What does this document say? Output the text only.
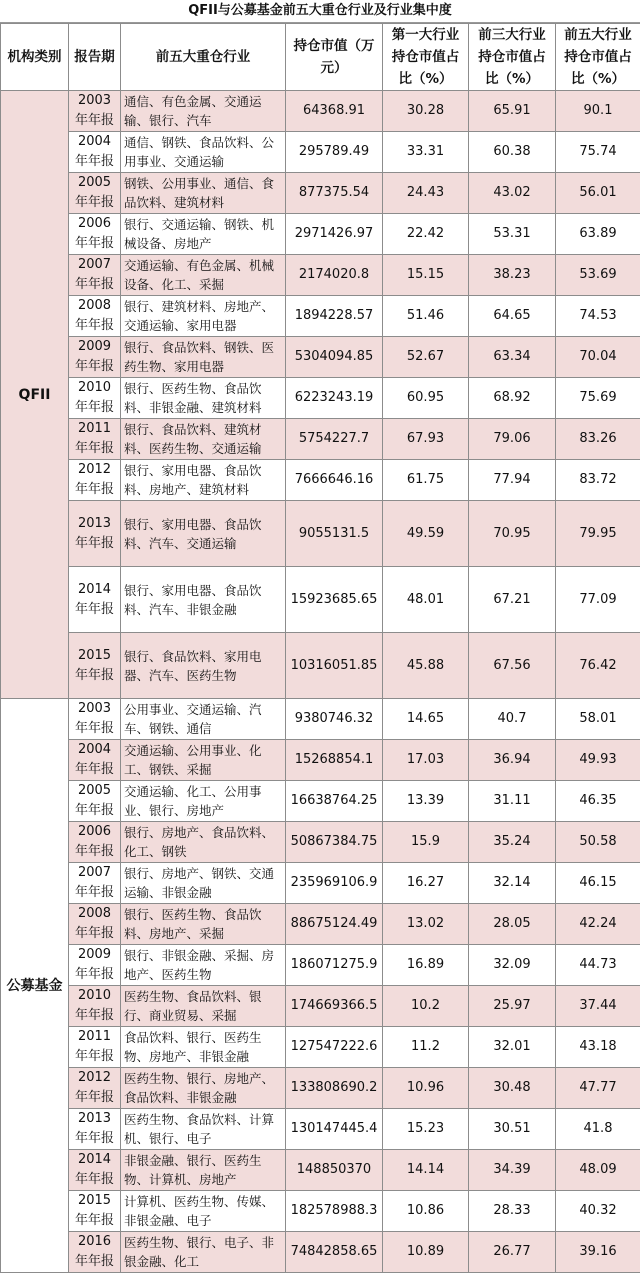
QFII与公募基金前五大重仓行业及行业集中度
机构类别	报告期	前五大重仓行业	持仓市值（万元）	第一大行业持仓市值占比（%）	前三大行业持仓市值占比（%）	前五大行业持仓市值占比（%）
QFII	2003年年报	通信、有色金属、交通运输、银行、汽车	64368.91	30.28	65.91	90.1
	2004年年报	通信、钢铁、食品饮料、公用事业、交通运输	295789.49	33.31	60.38	75.74
	2005年年报	钢铁、公用事业、通信、食品饮料、建筑材料	877375.54	24.43	43.02	56.01
	2006年年报	银行、交通运输、钢铁、机械设备、房地产	2971426.97	22.42	53.31	63.89
	2007年年报	交通运输、有色金属、机械设备、化工、采掘	2174020.8	15.15	38.23	53.69
	2008年年报	银行、建筑材料、房地产、交通运输、家用电器	1894228.57	51.46	64.65	74.53
	2009年年报	银行、食品饮料、钢铁、医药生物、家用电器	5304094.85	52.67	63.34	70.04
	2010年年报	银行、医药生物、食品饮料、非银金融、建筑材料	6223243.19	60.95	68.92	75.69
	2011年年报	银行、食品饮料、建筑材料、医药生物、交通运输	5754227.7	67.93	79.06	83.26
	2012年年报	银行、家用电器、食品饮料、房地产、建筑材料	7666646.16	61.75	77.94	83.72
	2013年年报	银行、家用电器、食品饮料、汽车、交通运输	9055131.5	49.59	70.95	79.95
	2014年年报	银行、家用电器、食品饮料、汽车、非银金融	15923685.65	48.01	67.21	77.09
	2015年年报	银行、食品饮料、家用电器、汽车、医药生物	10316051.85	45.88	67.56	76.42
公募基金	2003年年报	公用事业、交通运输、汽车、钢铁、通信	9380746.32	14.65	40.7	58.01
	2004年年报	交通运输、公用事业、化工、钢铁、采掘	15268854.1	17.03	36.94	49.93
	2005年年报	交通运输、化工、公用事业、银行、房地产	16638764.25	13.39	31.11	46.35
	2006年年报	银行、房地产、食品饮料、化工、钢铁	50867384.75	15.9	35.24	50.58
	2007年年报	银行、房地产、钢铁、交通运输、非银金融	235969106.9	16.27	32.14	46.15
	2008年年报	银行、医药生物、食品饮料、房地产、采掘	88675124.49	13.02	28.05	42.24
	2009年年报	银行、非银金融、采掘、房地产、医药生物	186071275.9	16.89	32.09	44.73
	2010年年报	医药生物、食品饮料、银行、商业贸易、采掘	174669366.5	10.2	25.97	37.44
	2011年年报	食品饮料、银行、医药生物、房地产、非银金融	127547222.6	11.2	32.01	43.18
	2012年年报	医药生物、银行、房地产、食品饮料、非银金融	133808690.2	10.96	30.48	47.77
	2013年年报	医药生物、食品饮料、计算机、银行、电子	130147445.4	15.23	30.51	41.8
	2014年年报	非银金融、银行、医药生物、计算机、房地产	148850370	14.14	34.39	48.09
	2015年年报	计算机、医药生物、传媒、非银金融、电子	182578988.3	10.86	28.33	40.32
	2016年年报	医药生物、银行、电子、非银金融、化工	74842858.65	10.89	26.77	39.16
